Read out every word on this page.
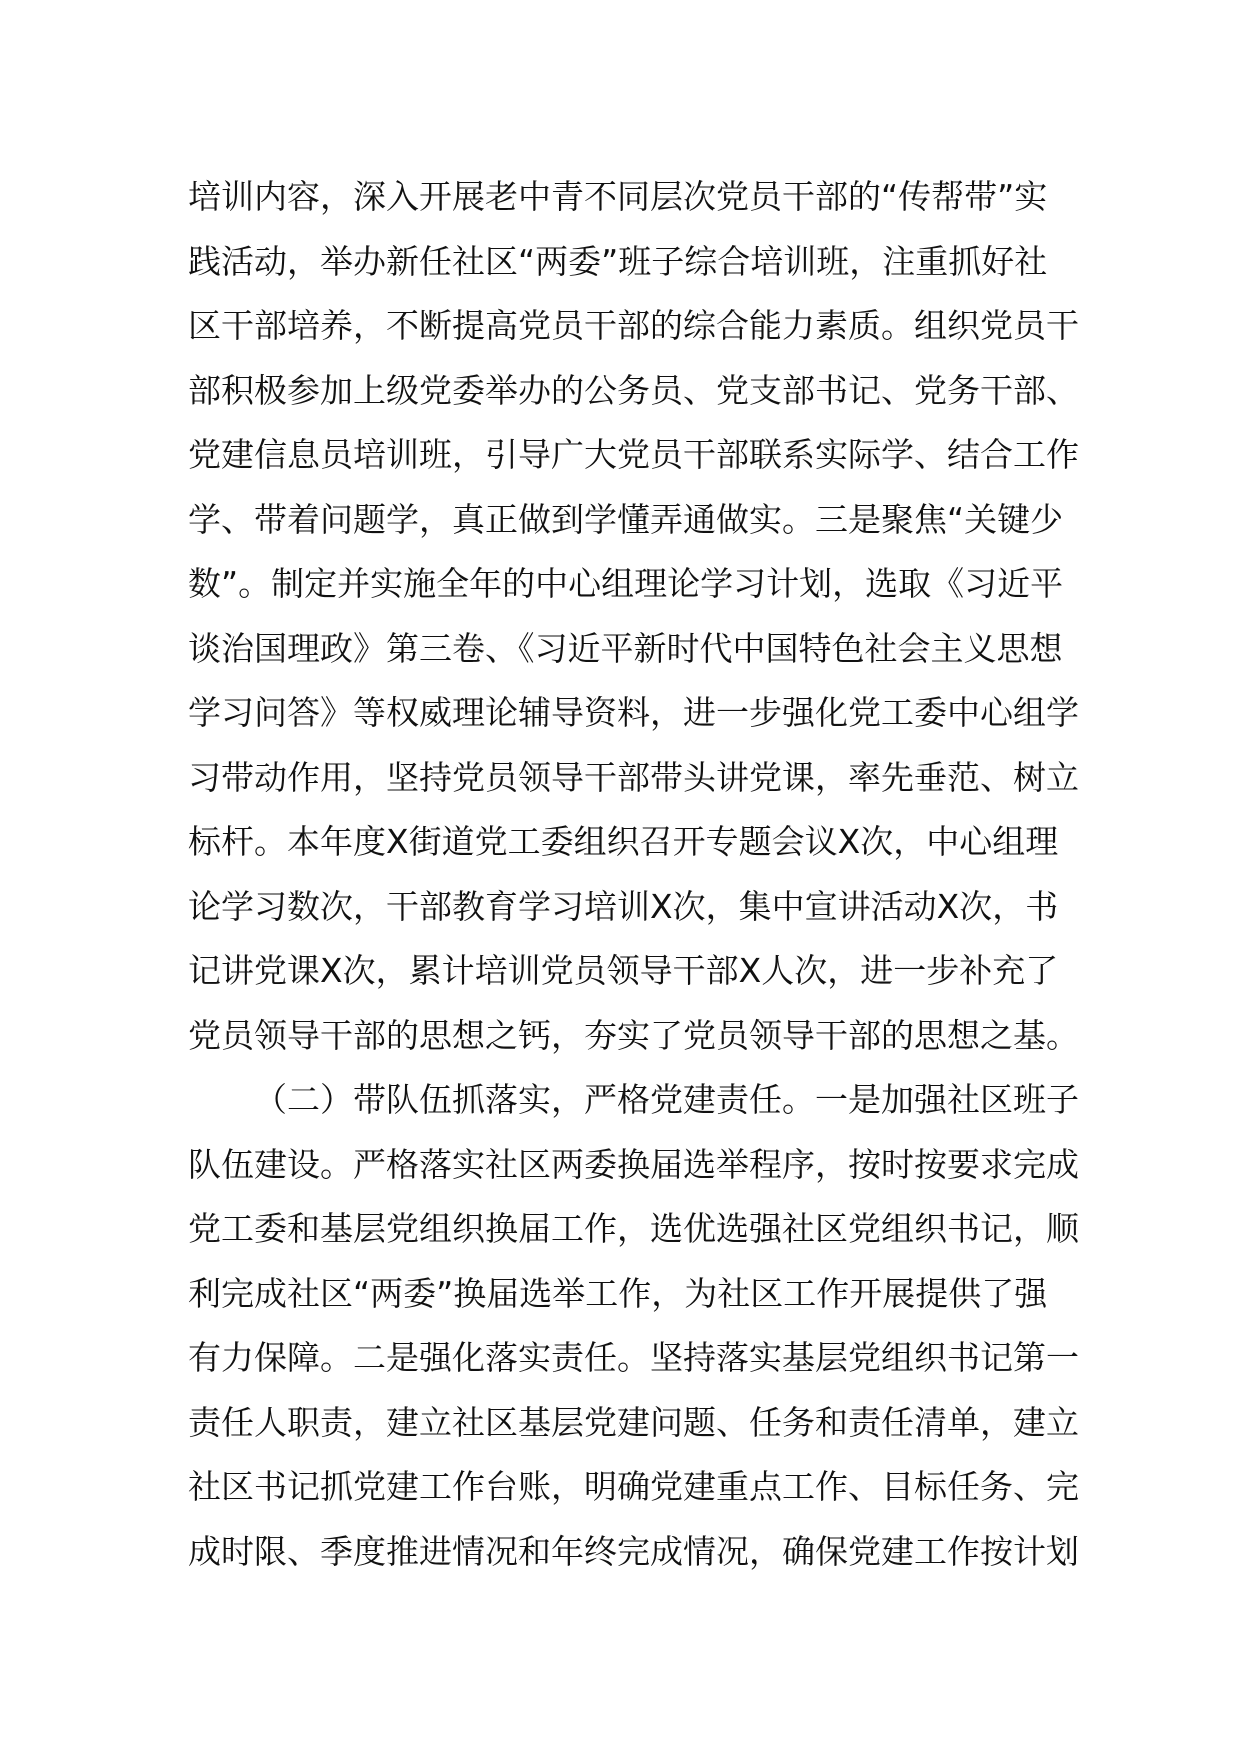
培训内容，深入开展老中青不同层次党员干部的“传帮带”实
践活动，举办新任社区“两委”班子综合培训班，注重抓好社
区干部培养，不断提高党员干部的综合能力素质。组织党员干
部积极参加上级党委举办的公务员、党支部书记、党务干部、
党建信息员培训班，引导广大党员干部联系实际学、结合工作
学、带着问题学，真正做到学懂弄通做实。三是聚焦“关键少
数”。制定并实施全年的中心组理论学习计划，选取《习近平
谈治国理政》第三卷、《习近平新时代中国特色社会主义思想
学习问答》等权威理论辅导资料，进一步强化党工委中心组学
习带动作用，坚持党员领导干部带头讲党课，率先垂范、树立
标杆。本年度X街道党工委组织召开专题会议X次，中心组理
论学习数次，干部教育学习培训X次，集中宣讲活动X次，书
记讲党课X次，累计培训党员领导干部X人次，进一步补充了
党员领导干部的思想之钙，夯实了党员领导干部的思想之基。
（二）带队伍抓落实，严格党建责任。一是加强社区班子
队伍建设。严格落实社区两委换届选举程序，按时按要求完成
党工委和基层党组织换届工作，选优选强社区党组织书记，顺
利完成社区“两委”换届选举工作，为社区工作开展提供了强
有力保障。二是强化落实责任。坚持落实基层党组织书记第一
责任人职责，建立社区基层党建问题、任务和责任清单，建立
社区书记抓党建工作台账，明确党建重点工作、目标任务、完
成时限、季度推进情况和年终完成情况，确保党建工作按计划
